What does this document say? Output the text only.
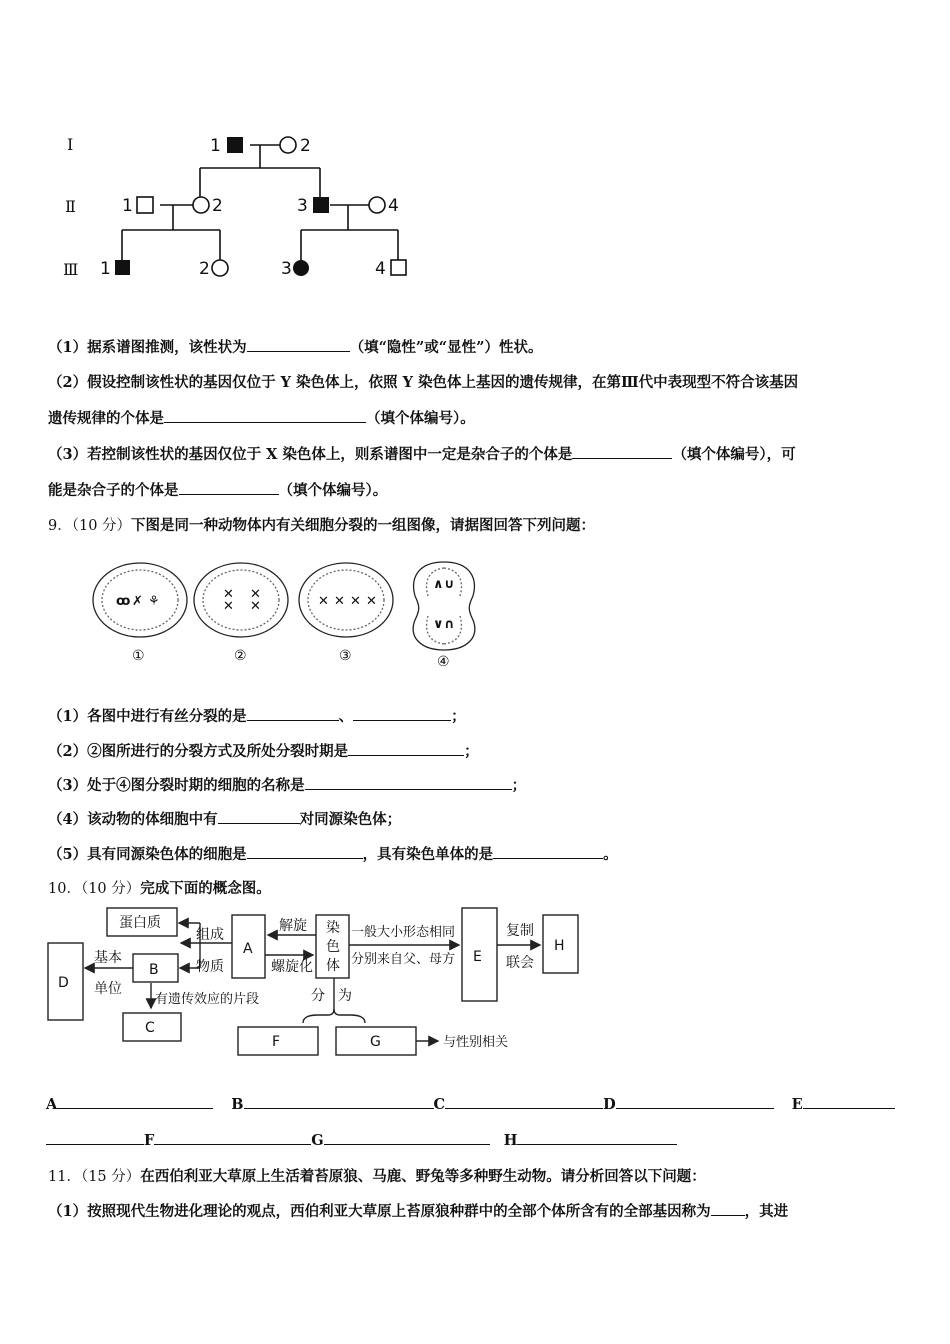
Ⅰ
Ⅱ
Ⅲ
1	2
1	2	3	4
1	2	3	4
（1）据系谱图推测，该性状为	（填“隐性”或“显性”）性状。
（2）假设控制该性状的基因仅位于 Y 染色体上，依照 Y 染色体上基因的遗传规律，在第Ⅲ代中表现型不符合该基因
遗传规律的个体是	（填个体编号）。
（3）若控制该性状的基因仅位于 X 染色体上，则系谱图中一定是杂合子的个体是	（填个体编号），可
能是杂合子的个体是	（填个体编号）。
9．（10 分）下图是同一种动物体内有关细胞分裂的一组图像，请据图回答下列问题：
ꝏ ✗ ⚘	✕
✕
✕
✕	✕ ✕ ✕ ✕
∧ ∪
∨ ∩
①	②	③	④
（1）各图中进行有丝分裂的是	、	；
（2）②图所进行的分裂方式及所处分裂时期是	；
（3）处于④图分裂时期的细胞的名称是	；
（4）该动物的体细胞中有	对同源染色体；
（5）具有同源染色体的细胞是	，具有染色单体的是	。
10．（10 分）完成下面的概念图。
蛋白质
组成
物质
A
B
C
D
基本
单位
解旋
螺旋化
染
色
体
一般大小形态相同
分别来自父、母方 E
复制
联会
H
分 为
有遗传效应的片段
F	G	与性别相关
A	B	C	D	E
F	G	H
11．（15 分）在西伯利亚大草原上生活着苔原狼、马鹿、野兔等多种野生动物。请分析回答以下问题：
（1）按照现代生物进化理论的观点，西伯利亚大草原上苔原狼种群中的全部个体所含有的全部基因称为 ，其进
